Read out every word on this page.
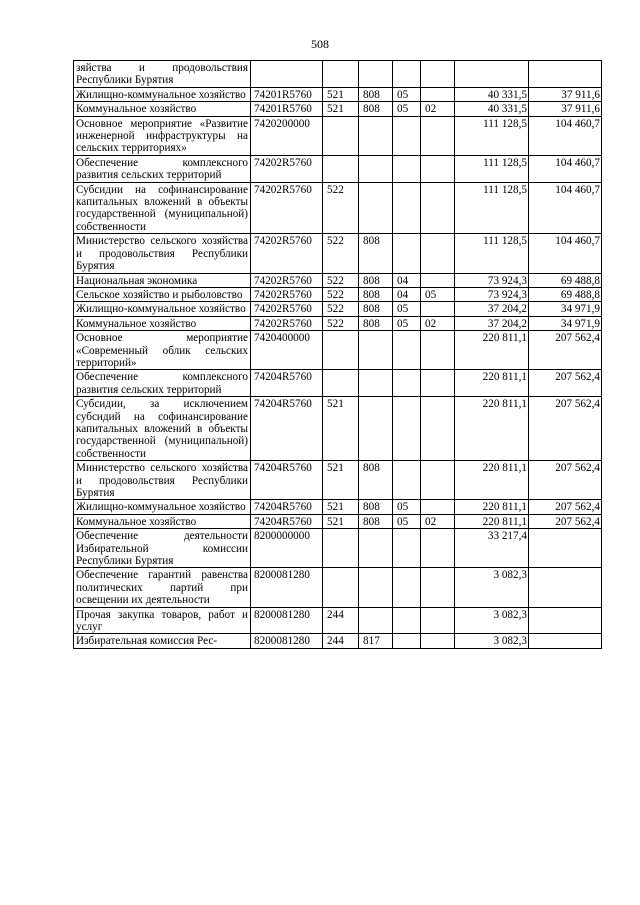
508
зяйства и продовольствия Республики Бурятия							
Жилищно-коммунальное хозяйство	74201R5760	521	808	05		40 331,5	37 911,6
Коммунальное хозяйство	74201R5760	521	808	05	02	40 331,5	37 911,6
Основное мероприятие «Развитие инженерной инфраструктуры на сельских территориях»	7420200000					111 128,5	104 460,7
Обеспечение комплексного развития сельских территорий	74202R5760					111 128,5	104 460,7
Субсидии на софинансирование капитальных вложений в объекты государственной (муниципальной) собственности	74202R5760	522				111 128,5	104 460,7
Министерство сельского хозяйства и продовольствия Республики Бурятия	74202R5760	522	808			111 128,5	104 460,7
Национальная экономика	74202R5760	522	808	04		73 924,3	69 488,8
Сельское хозяйство и рыболовство	74202R5760	522	808	04	05	73 924,3	69 488,8
Жилищно-коммунальное хозяйство	74202R5760	522	808	05		37 204,2	34 971,9
Коммунальное хозяйство	74202R5760	522	808	05	02	37 204,2	34 971,9
Основное мероприятие «Современный облик сельских территорий»	7420400000					220 811,1	207 562,4
Обеспечение комплексного развития сельских территорий	74204R5760					220 811,1	207 562,4
Субсидии, за исключением субсидий на софинансирование капитальных вложений в объекты государственной (муниципальной) собственности	74204R5760	521				220 811,1	207 562,4
Министерство сельского хозяйства и продовольствия Республики Бурятия	74204R5760	521	808			220 811,1	207 562,4
Жилищно-коммунальное хозяйство	74204R5760	521	808	05		220 811,1	207 562,4
Коммунальное хозяйство	74204R5760	521	808	05	02	220 811,1	207 562,4
Обеспечение деятельности Избирательной комиссии Республики Бурятия	8200000000					33 217,4	
Обеспечение гарантий равенства политических партий при освещении их деятельности	8200081280					3 082,3	
Прочая закупка товаров, работ и услуг	8200081280	244				3 082,3	
Избирательная комиссия Рес-	8200081280	244	817			3 082,3	
